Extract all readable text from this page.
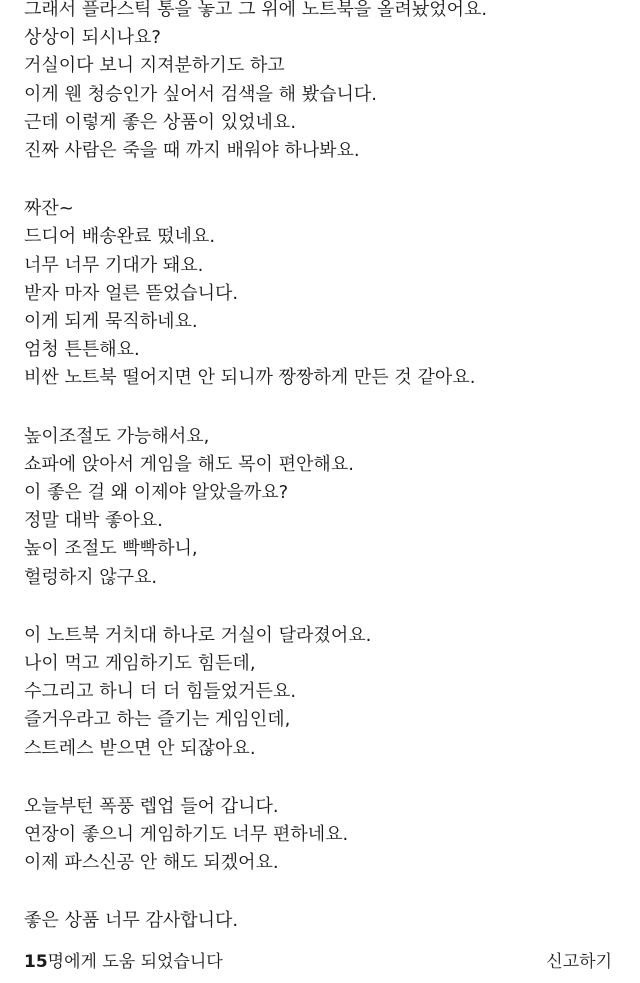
그래서 플라스틱 통을 놓고 그 위에 노트북을 올려놨었어요.
상상이 되시나요?
거실이다 보니 지져분하기도 하고
이게 웬 청승인가 싶어서 검색을 해 봤습니다.
근데 이렇게 좋은 상품이 있었네요.
진짜 사람은 죽을 때 까지 배워야 하나봐요.
짜잔~
드디어 배송완료 떴네요.
너무 너무 기대가 돼요.
받자 마자 얼른 뜯었습니다.
이게 되게 묵직하네요.
엄청 튼튼해요.
비싼 노트북 떨어지면 안 되니까 짱짱하게 만든 것 같아요.
높이조절도 가능해서요,
쇼파에 앉아서 게임을 해도 목이 편안해요.
이 좋은 걸 왜 이제야 알았을까요?
정말 대박 좋아요.
높이 조절도 빡빡하니,
헐렁하지 않구요.
이 노트북 거치대 하나로 거실이 달라졌어요.
나이 먹고 게임하기도 힘든데,
수그리고 하니 더 더 힘들었거든요.
즐거우라고 하는 즐기는 게임인데,
스트레스 받으면 안 되잖아요.
오늘부턴 폭풍 렙업 들어 갑니다.
연장이 좋으니 게임하기도 너무 편하네요.
이제 파스신공 안 해도 되겠어요.
좋은 상품 너무 감사합니다.
15명에게 도움 되었습니다	신고하기
